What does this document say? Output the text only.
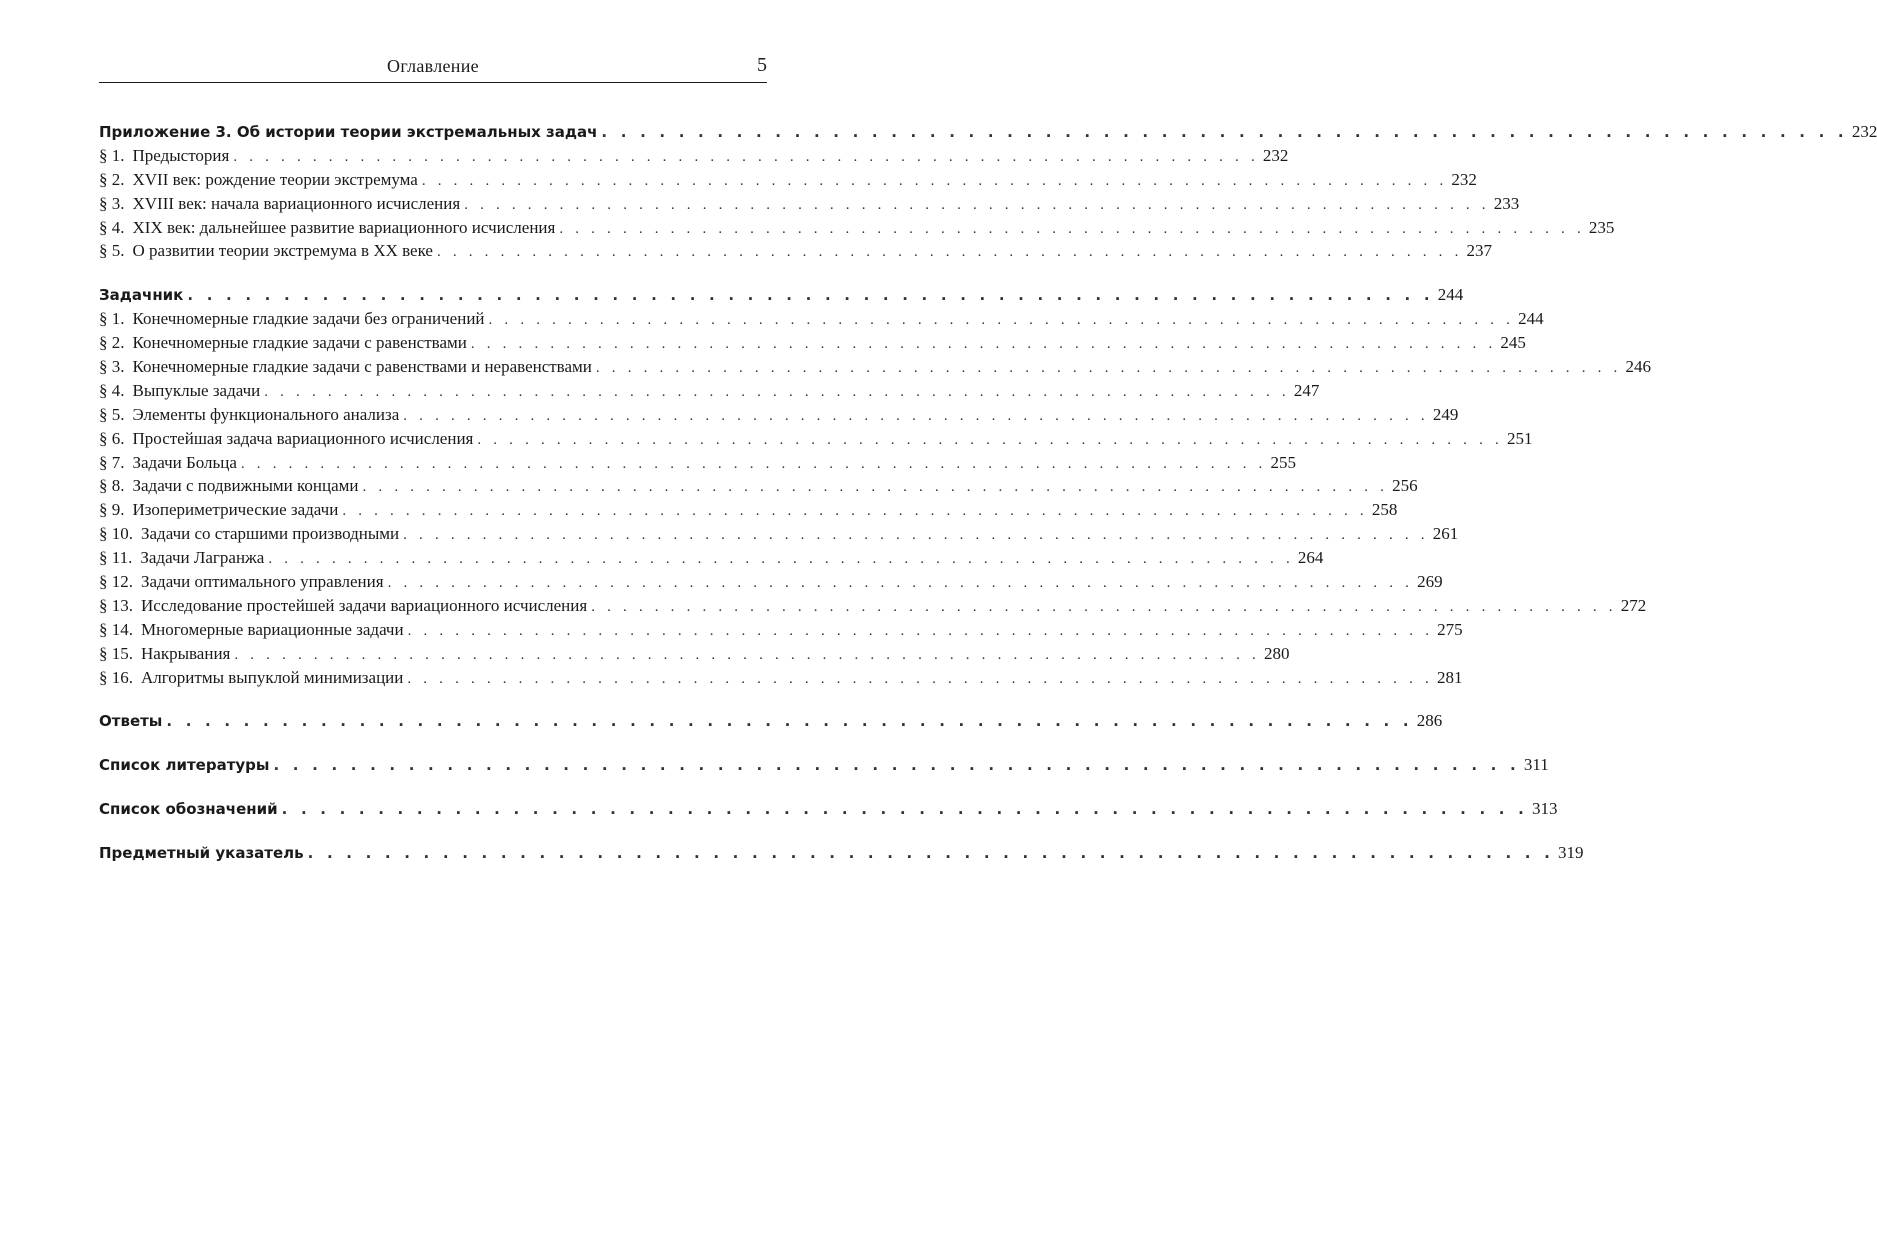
Оглавление	5
Приложение 3. Об истории теории экстремальных задач . . . . . . . . . . . . . . . . . . . . . . . . . . . . . . . . . . . . . . . . . . . . . . . . . . . . . . . . . . . . . . . . . 232
§ 1. Предыстория . . . . . . . . . . . . . . . . . . . . . . . . . . . . . . . . . . . . . . . . . . . . . . . . . . . . . . . . . . . . . . . . . 232
§ 2. XVII век: рождение теории экстремума . . . . . . . . . . . . . . . . . . . . . . . . . . . . . . . . . . . . . . . . . . . . . . . . . . . . . . . . . . . . . . . . . 232
§ 3. XVIII век: начала вариационного исчисления . . . . . . . . . . . . . . . . . . . . . . . . . . . . . . . . . . . . . . . . . . . . . . . . . . . . . . . . . . . . . . . . . 233
§ 4. XIX век: дальнейшее развитие вариационного исчисления . . . . . . . . . . . . . . . . . . . . . . . . . . . . . . . . . . . . . . . . . . . . . . . . . . . . . . . . . . . . . . . . . 235
§ 5. О развитии теории экстремума в XX веке . . . . . . . . . . . . . . . . . . . . . . . . . . . . . . . . . . . . . . . . . . . . . . . . . . . . . . . . . . . . . . . . . 237
Задачник . . . . . . . . . . . . . . . . . . . . . . . . . . . . . . . . . . . . . . . . . . . . . . . . . . . . . . . . . . . . . . . . . 244
§ 1. Конечномерные гладкие задачи без ограничений . . . . . . . . . . . . . . . . . . . . . . . . . . . . . . . . . . . . . . . . . . . . . . . . . . . . . . . . . . . . . . . . . 244
§ 2. Конечномерные гладкие задачи с равенствами . . . . . . . . . . . . . . . . . . . . . . . . . . . . . . . . . . . . . . . . . . . . . . . . . . . . . . . . . . . . . . . . . 245
§ 3. Конечномерные гладкие задачи с равенствами и неравенствами . . . . . . . . . . . . . . . . . . . . . . . . . . . . . . . . . . . . . . . . . . . . . . . . . . . . . . . . . . . . . . . . . 246
§ 4. Выпуклые задачи . . . . . . . . . . . . . . . . . . . . . . . . . . . . . . . . . . . . . . . . . . . . . . . . . . . . . . . . . . . . . . . . . 247
§ 5. Элементы функционального анализа . . . . . . . . . . . . . . . . . . . . . . . . . . . . . . . . . . . . . . . . . . . . . . . . . . . . . . . . . . . . . . . . . 249
§ 6. Простейшая задача вариационного исчисления . . . . . . . . . . . . . . . . . . . . . . . . . . . . . . . . . . . . . . . . . . . . . . . . . . . . . . . . . . . . . . . . . 251
§ 7. Задачи Больца . . . . . . . . . . . . . . . . . . . . . . . . . . . . . . . . . . . . . . . . . . . . . . . . . . . . . . . . . . . . . . . . . 255
§ 8. Задачи с подвижными концами . . . . . . . . . . . . . . . . . . . . . . . . . . . . . . . . . . . . . . . . . . . . . . . . . . . . . . . . . . . . . . . . . 256
§ 9. Изопериметрические задачи . . . . . . . . . . . . . . . . . . . . . . . . . . . . . . . . . . . . . . . . . . . . . . . . . . . . . . . . . . . . . . . . . 258
§ 10. Задачи со старшими производными . . . . . . . . . . . . . . . . . . . . . . . . . . . . . . . . . . . . . . . . . . . . . . . . . . . . . . . . . . . . . . . . . 261
§ 11. Задачи Лагранжа . . . . . . . . . . . . . . . . . . . . . . . . . . . . . . . . . . . . . . . . . . . . . . . . . . . . . . . . . . . . . . . . . 264
§ 12. Задачи оптимального управления . . . . . . . . . . . . . . . . . . . . . . . . . . . . . . . . . . . . . . . . . . . . . . . . . . . . . . . . . . . . . . . . . 269
§ 13. Исследование простейшей задачи вариационного исчисления . . . . . . . . . . . . . . . . . . . . . . . . . . . . . . . . . . . . . . . . . . . . . . . . . . . . . . . . . . . . . . . . . 272
§ 14. Многомерные вариационные задачи . . . . . . . . . . . . . . . . . . . . . . . . . . . . . . . . . . . . . . . . . . . . . . . . . . . . . . . . . . . . . . . . . 275
§ 15. Накрывания . . . . . . . . . . . . . . . . . . . . . . . . . . . . . . . . . . . . . . . . . . . . . . . . . . . . . . . . . . . . . . . . . 280
§ 16. Алгоритмы выпуклой минимизации . . . . . . . . . . . . . . . . . . . . . . . . . . . . . . . . . . . . . . . . . . . . . . . . . . . . . . . . . . . . . . . . . 281
Ответы . . . . . . . . . . . . . . . . . . . . . . . . . . . . . . . . . . . . . . . . . . . . . . . . . . . . . . . . . . . . . . . . . 286
Список литературы . . . . . . . . . . . . . . . . . . . . . . . . . . . . . . . . . . . . . . . . . . . . . . . . . . . . . . . . . . . . . . . . . 311
Список обозначений . . . . . . . . . . . . . . . . . . . . . . . . . . . . . . . . . . . . . . . . . . . . . . . . . . . . . . . . . . . . . . . . . 313
Предметный указатель . . . . . . . . . . . . . . . . . . . . . . . . . . . . . . . . . . . . . . . . . . . . . . . . . . . . . . . . . . . . . . . . . 319
